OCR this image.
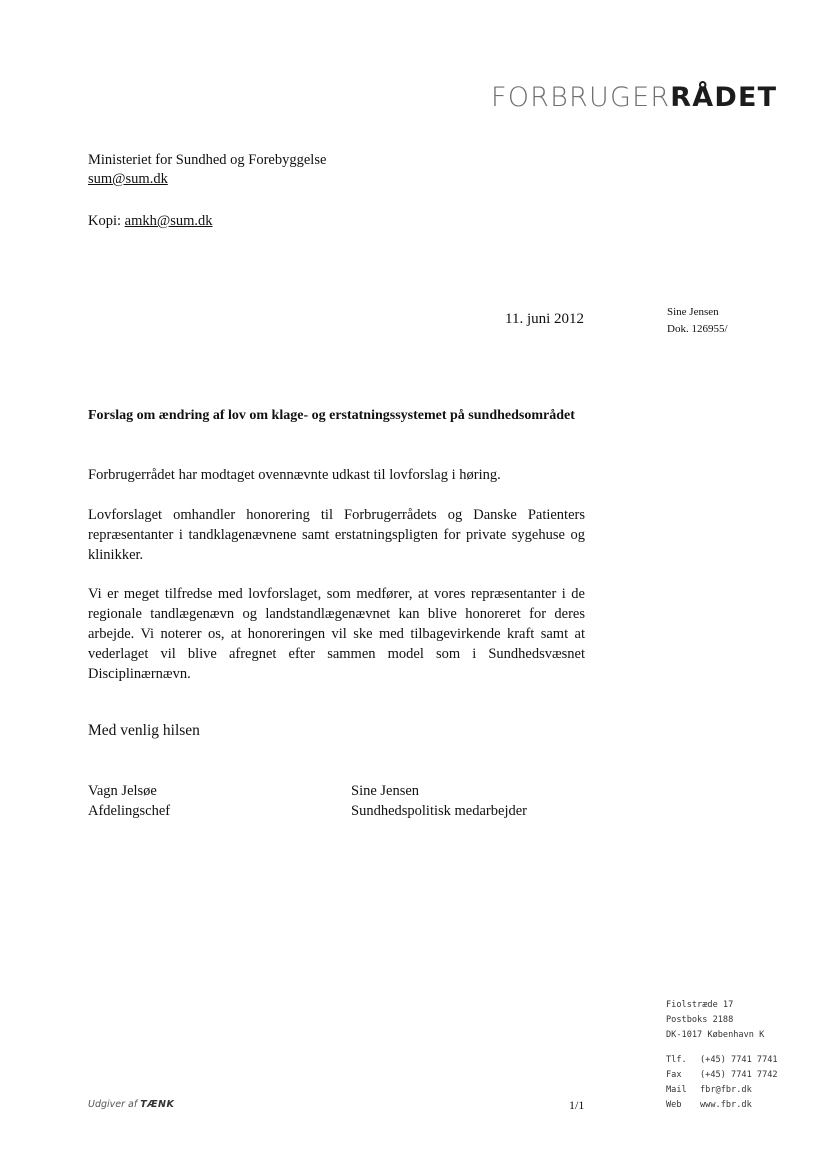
FORBRUGERRÅDET
Ministeriet for Sundhed og Forebyggelse
sum@sum.dk
Kopi: amkh@sum.dk
11. juni 2012	Sine Jensen
Dok. 126955/
Forslag om ændring af lov om klage- og erstatningssystemet på sundhedsområdet
Forbrugerrådet har modtaget ovennævnte udkast til lovforslag i høring.
Lovforslaget omhandler honorering til Forbrugerrådets og Danske Patienters repræsentanter i tandklagenævnene samt erstatningspligten for private sygehuse og klinikker.
Vi er meget tilfredse med lovforslaget, som medfører, at vores repræsentanter i de regionale tandlægenævn og landstandlægenævnet kan blive honoreret for deres arbejde. Vi noterer os, at honoreringen vil ske med tilbagevirkende kraft samt at vederlaget vil blive afregnet efter sammen model som i Sundhedsvæsnet Disciplinærnævn.
Med venlig hilsen
Vagn Jelsøe
Afdelingschef
Sine Jensen
Sundhedspolitisk medarbejder
Fiolstræde 17
Postboks 2188
DK-1017 København K
Tlf. (+45) 7741 7741
Fax (+45) 7741 7742
Mail fbr@fbr.dk
Web www.fbr.dk
Udgiver af TÆNK	1/1
